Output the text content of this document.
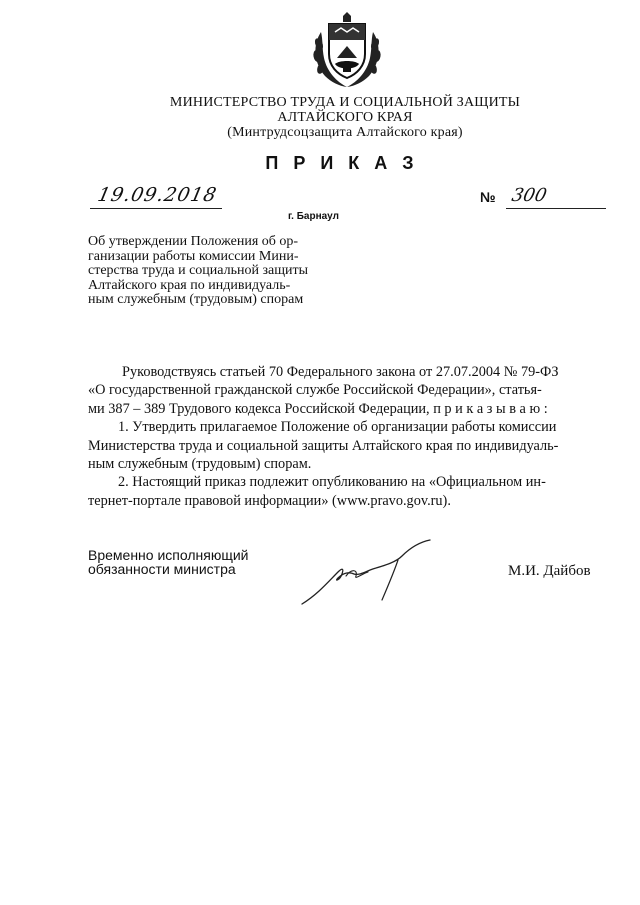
МИНИСТЕРСТВО ТРУДА И СОЦИАЛЬНОЙ ЗАЩИТЫ
АЛТАЙСКОГО КРАЯ
(Минтрудсоцзащита Алтайского края)
ПРИКАЗ
19.09.2018	№ 300
г. Барнаул
Об утверждении Положения об ор-
ганизации работы комиссии Мини-
стерства труда и социальной защиты
Алтайского края по индивидуаль-
ным служебным (трудовым) спорам

Руководствуясь статьей 70 Федерального закона от 27.07.2004 № 79-ФЗ

«О государственной гражданской службе Российской Федерации», статья-

ми 387 – 389 Трудового кодекса Российской Федерации, п р и к а з ы в а ю :

1. Утвердить прилагаемое Положение об организации работы комиссии

Министерства труда и социальной защиты Алтайского края по индивидуаль-

ным служебным (трудовым) спорам.

2. Настоящий приказ подлежит опубликованию на «Официальном ин-

тернет-портале правовой информации» (www.pravo.gov.ru).

Временно исполняющий
обязанности министра	М.И. Дайбов
